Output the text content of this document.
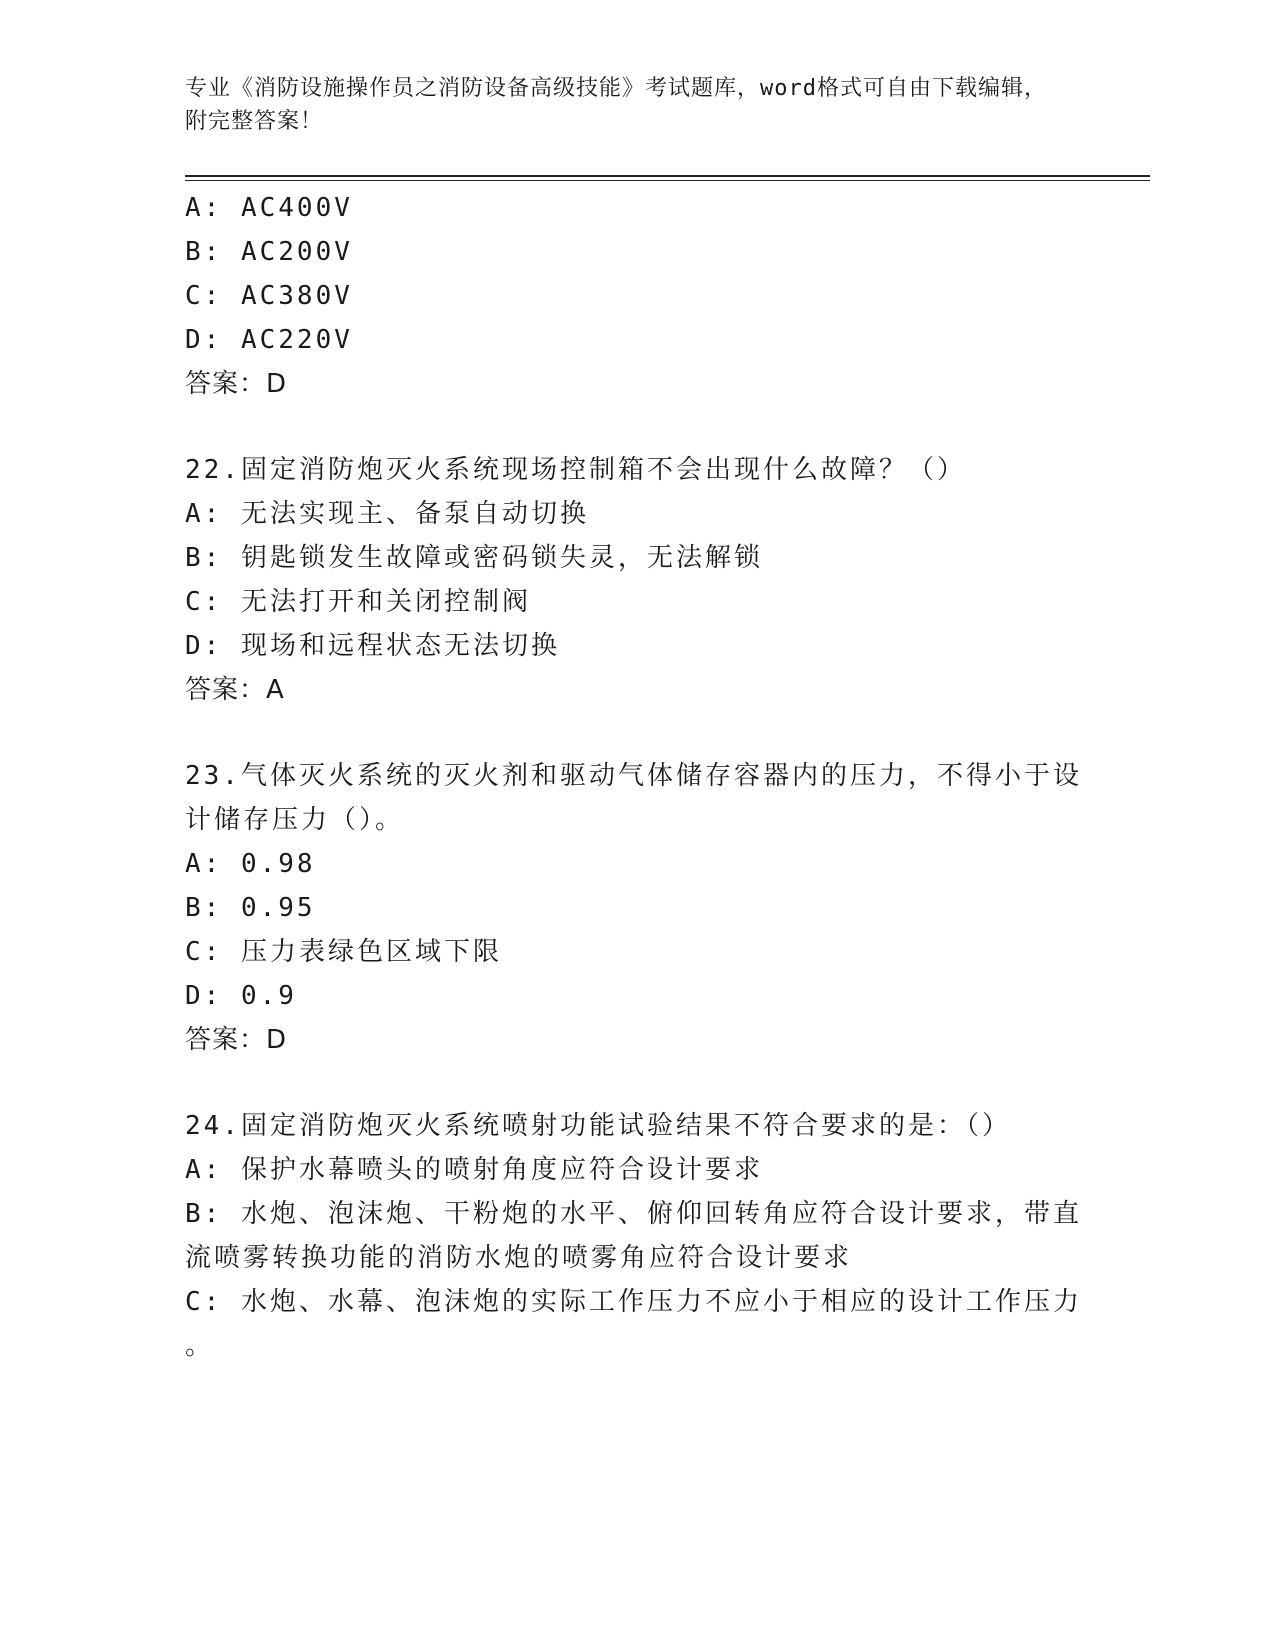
专业《消防设施操作员之消防设备高级技能》考试题库，word格式可自由下载编辑，附完整答案！
A: AC400V
B: AC200V
C: AC380V
D: AC220V
答案：D
22.固定消防炮灭火系统现场控制箱不会出现什么故障？（）
A: 无法实现主、备泵自动切换
B: 钥匙锁发生故障或密码锁失灵，无法解锁
C: 无法打开和关闭控制阀
D: 现场和远程状态无法切换
答案：A
23.气体灭火系统的灭火剂和驱动气体储存容器内的压力，不得小于设
计储存压力（）。
A: 0.98
B: 0.95
C: 压力表绿色区域下限
D: 0.9
答案：D
24.固定消防炮灭火系统喷射功能试验结果不符合要求的是：（）
A: 保护水幕喷头的喷射角度应符合设计要求
B: 水炮、泡沫炮、干粉炮的水平、俯仰回转角应符合设计要求，带直
流喷雾转换功能的消防水炮的喷雾角应符合设计要求
C: 水炮、水幕、泡沫炮的实际工作压力不应小于相应的设计工作压力
。
